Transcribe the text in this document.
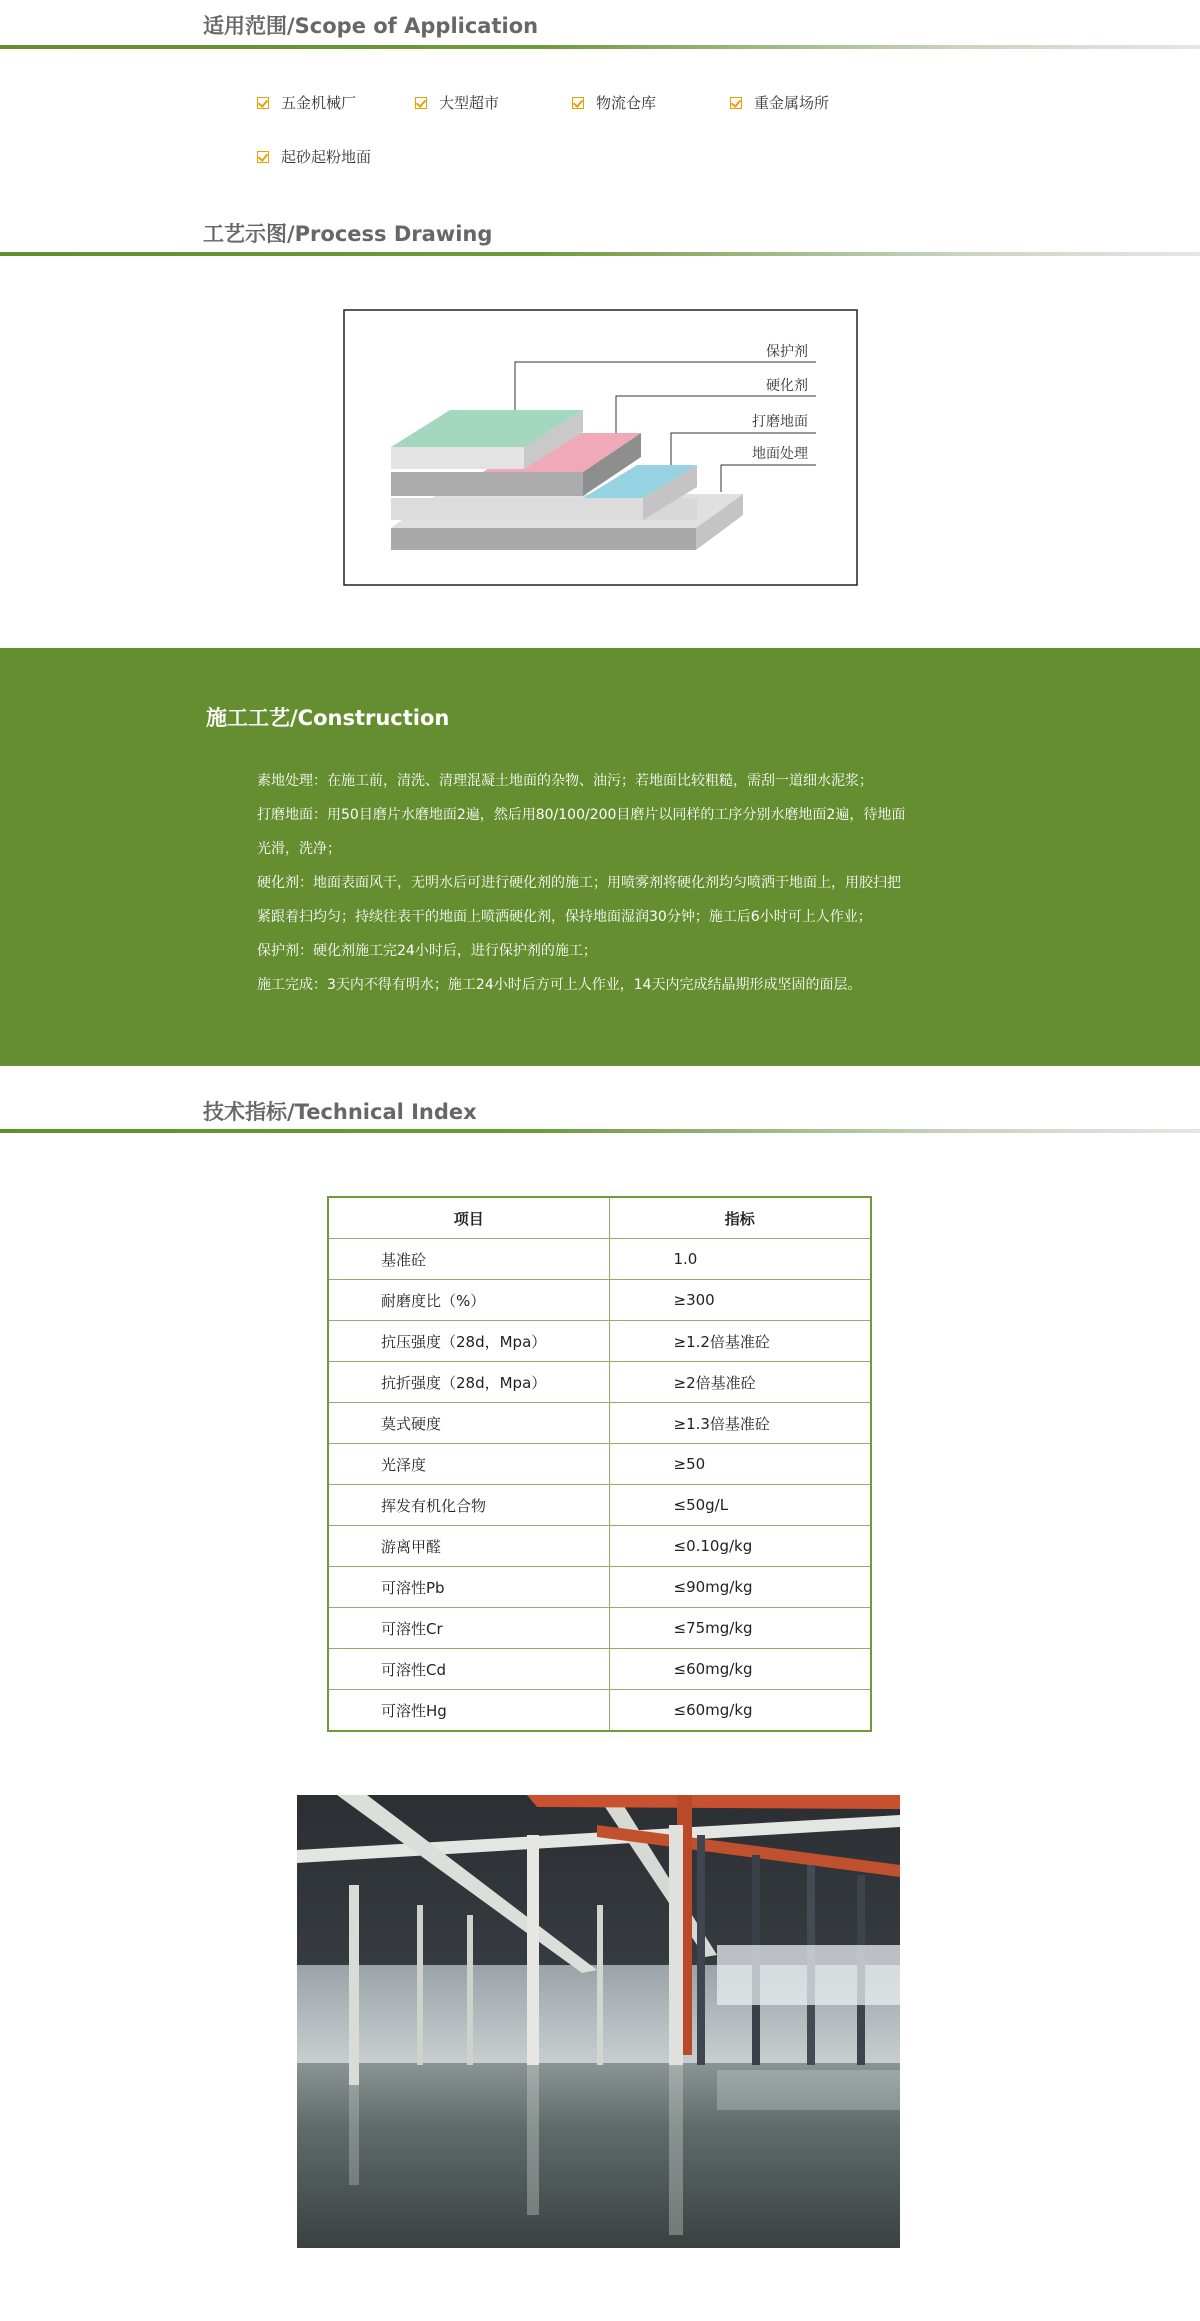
适用范围/Scope of Application
五金机械厂	大型超市	物流仓库	重金属场所
起砂起粉地面
工艺示图/Process Drawing
保护剂
硬化剂
打磨地面
地面处理
施工工艺/Construction
素地处理：在施工前，清洗、清理混凝土地面的杂物、油污；若地面比较粗糙，需刮一道细水泥浆；
打磨地面：用50目磨片水磨地面2遍，然后用80/100/200目磨片以同样的工序分别水磨地面2遍，待地面
光滑，洗净；
硬化剂：地面表面风干，无明水后可进行硬化剂的施工；用喷雾剂将硬化剂均匀喷洒于地面上，用胶扫把
紧跟着扫均匀；持续往表干的地面上喷洒硬化剂，保持地面湿润30分钟；施工后6小时可上人作业；
保护剂：硬化剂施工完24小时后，进行保护剂的施工；
施工完成：3天内不得有明水；施工24小时后方可上人作业，14天内完成结晶期形成坚固的面层。
技术指标/Technical Index
项目	指标
基准砼	1.0
耐磨度比（%）	≥300
抗压强度（28d，Mpa）	≥1.2倍基准砼
抗折强度（28d，Mpa）	≥2倍基准砼
莫式硬度	≥1.3倍基准砼
光泽度	≥50
挥发有机化合物	≤50g/L
游离甲醛	≤0.10g/kg
可溶性Pb	≤90mg/kg
可溶性Cr	≤75mg/kg
可溶性Cd	≤60mg/kg
可溶性Hg	≤60mg/kg
